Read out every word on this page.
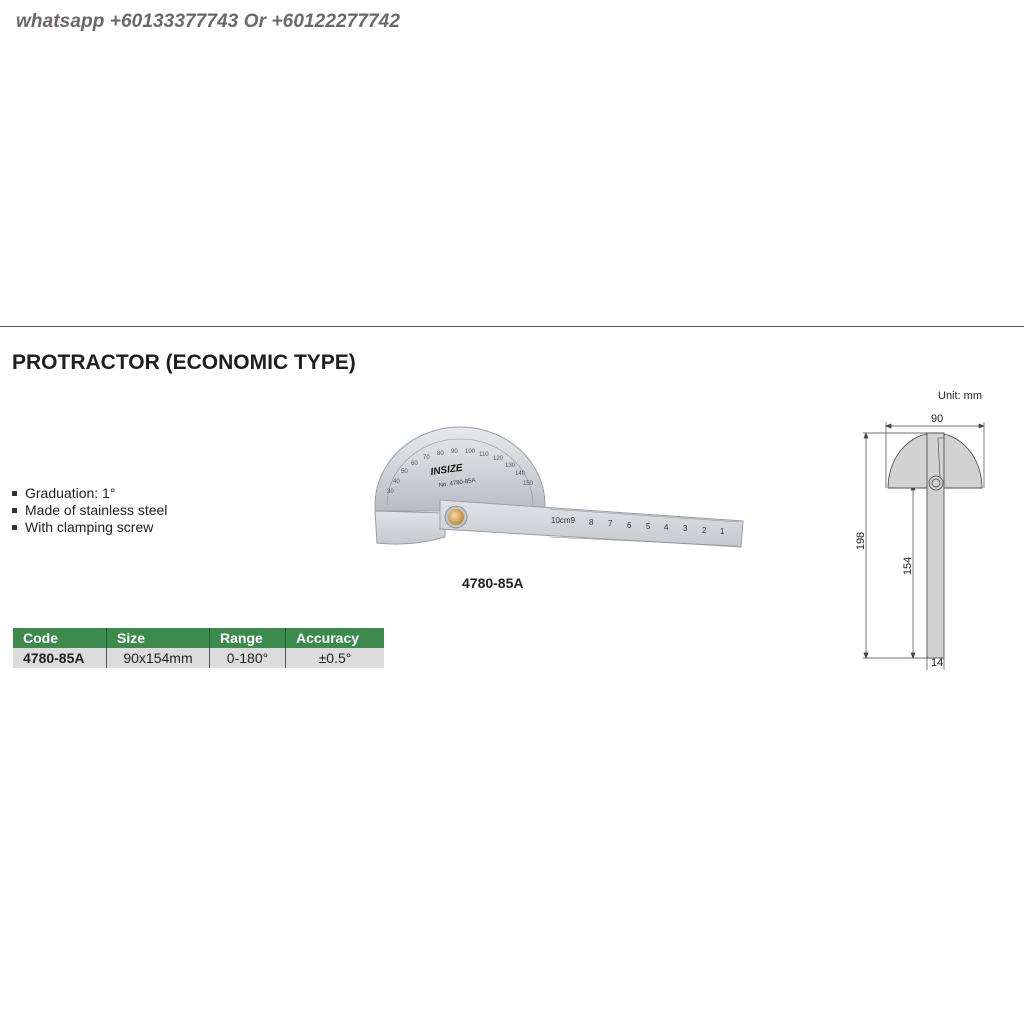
whatsapp +60133377743 Or +60122277742
PROTRACTOR (ECONOMIC TYPE)
Graduation: 1°
Made of stainless steel
With clamping screw
90
80	100 110
120
130
140
150
70
60
50
40
30
INSIZE
No. 4780-85A
10cm9 8 7 6 5 4 3 2 1
4780-85A
Code	Size	Range	Accuracy
4780-85A	90x154mm	0-180°	±0.5°
Unit: mm
90
198
154
14
